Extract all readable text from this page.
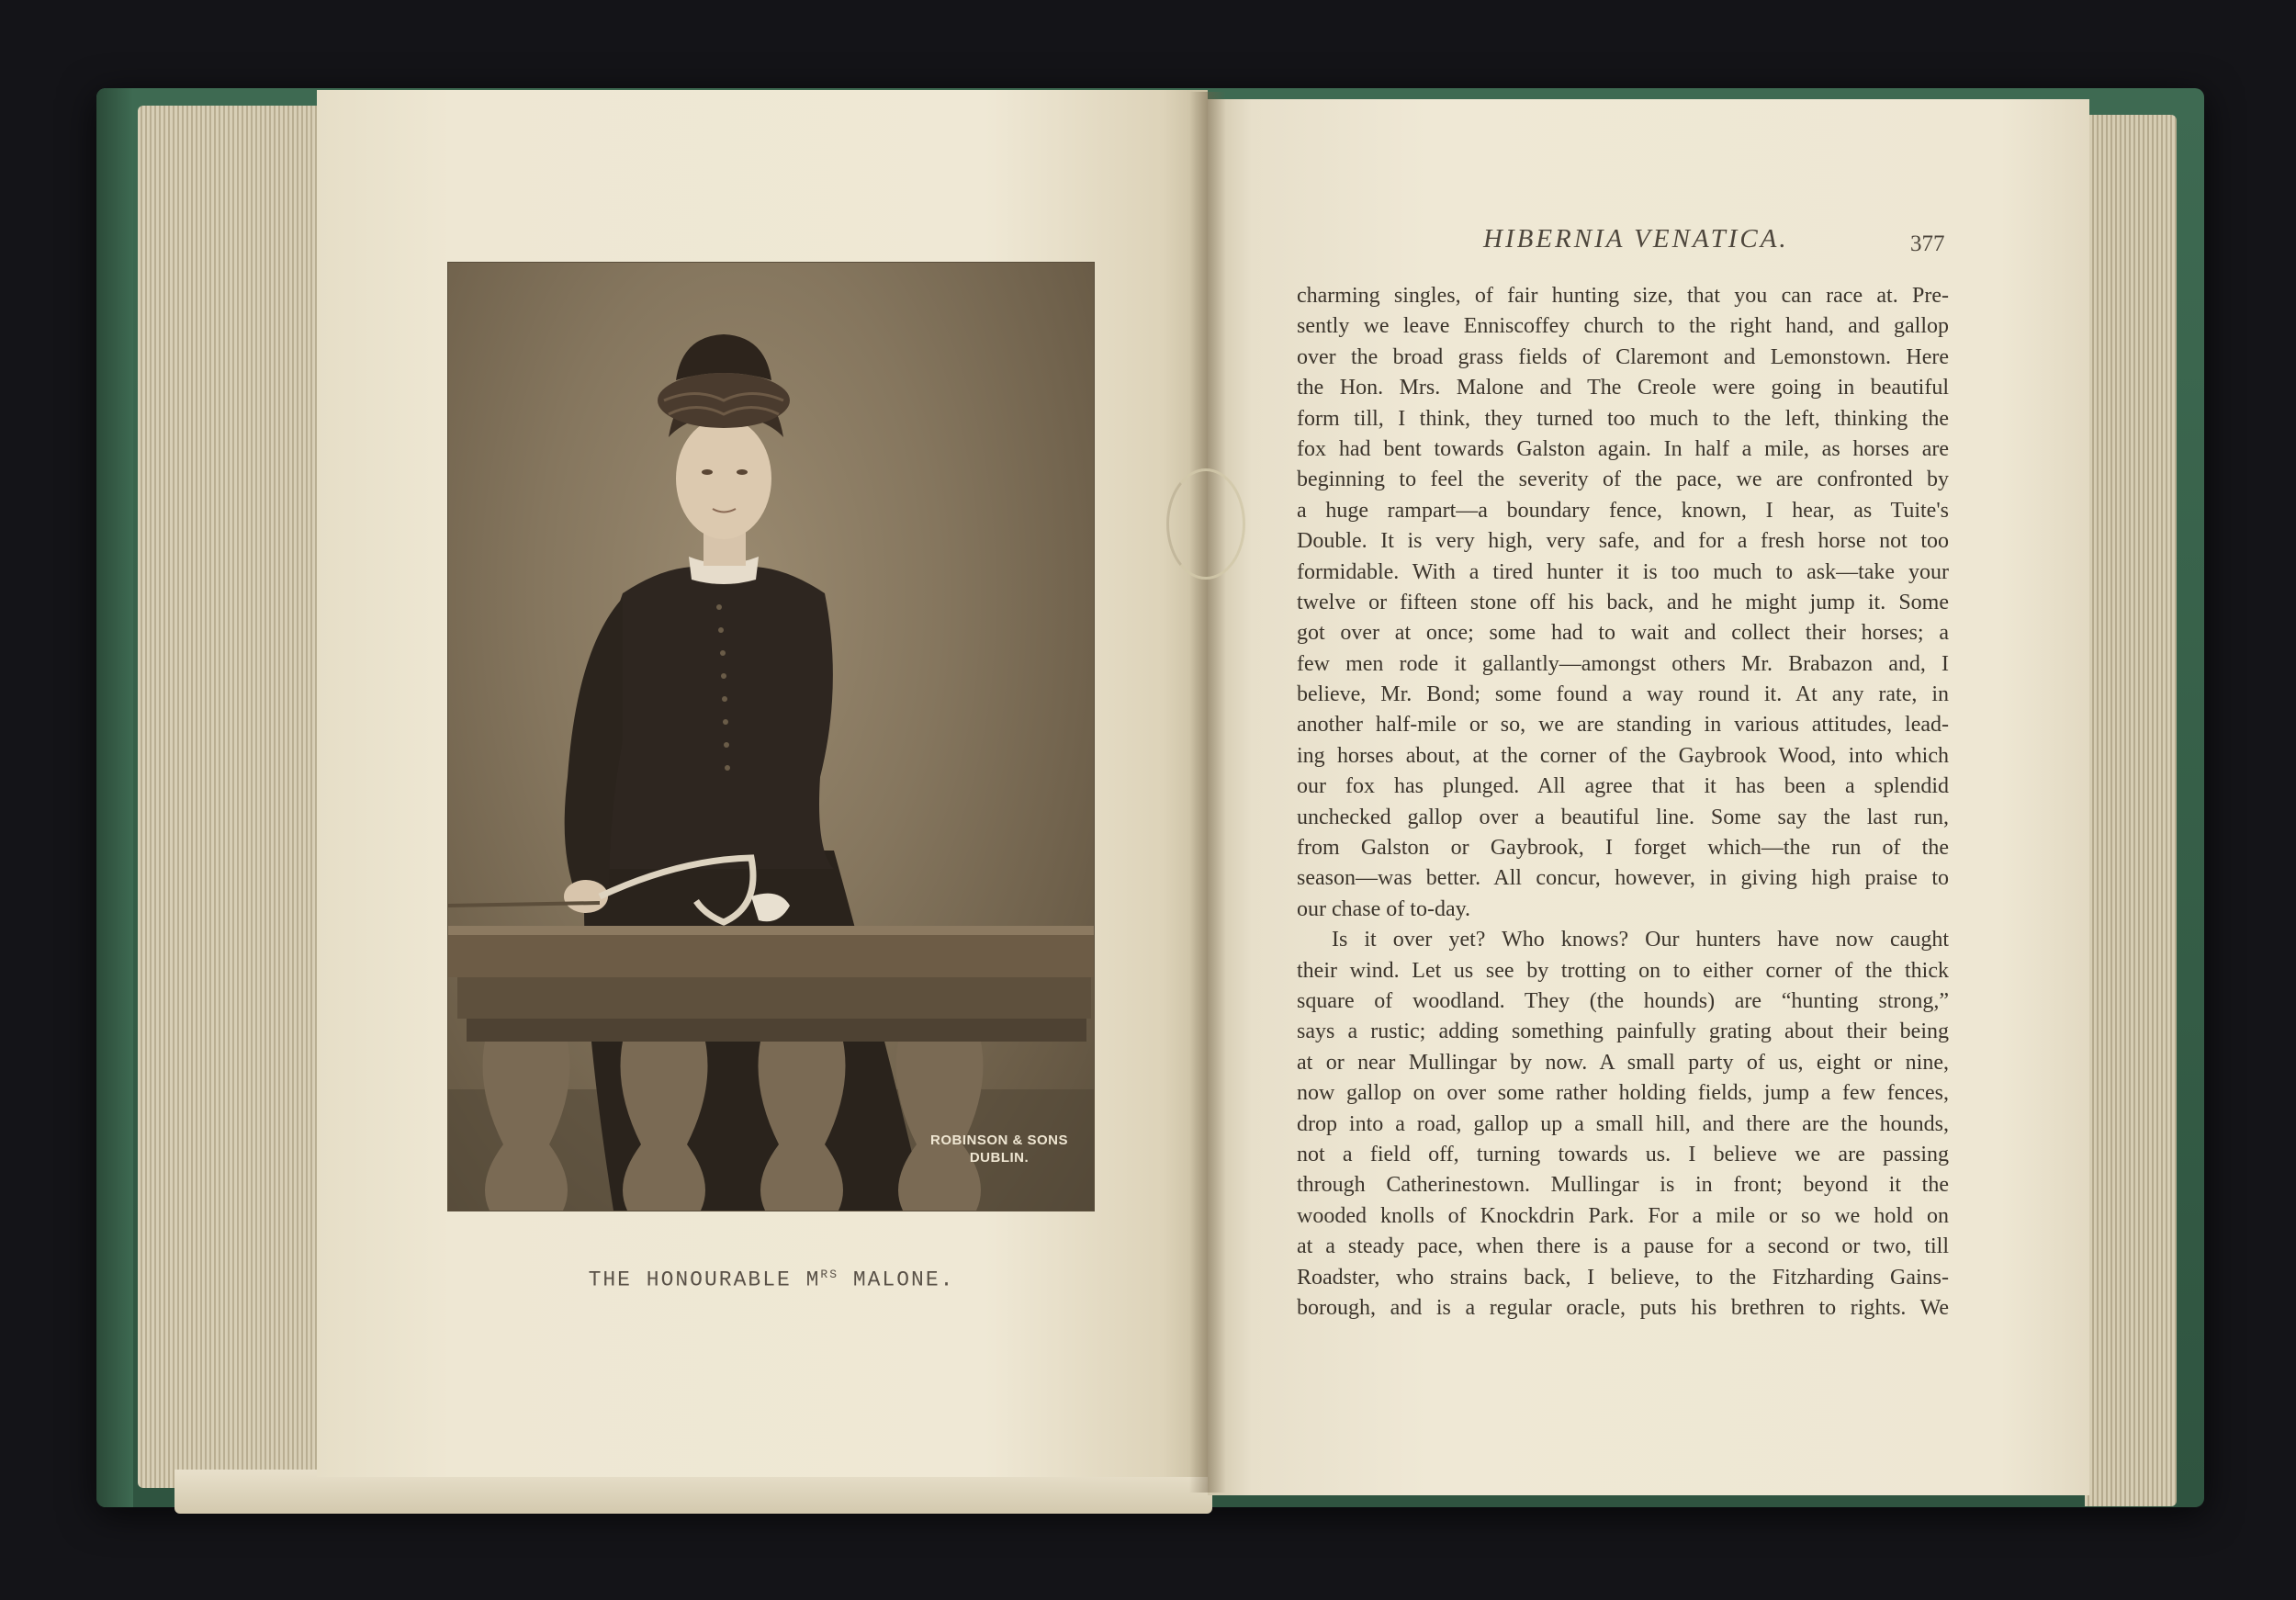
ROBINSON & SONS
DUBLIN.
THE HONOURABLE $M^{RS}$ MALONE.
HIBERNIA VENATICA.	377
charming singles, of fair hunting size, that you can race at. Pre-
sently we leave Enniscoffey church to the right hand, and gallop
over the broad grass fields of Claremont and Lemonstown. Here
the Hon. Mrs. Malone and The Creole were going in beautiful
form till, I think, they turned too much to the left, thinking the
fox had bent towards Galston again. In half a mile, as horses are
beginning to feel the severity of the pace, we are confronted by
a huge rampart—a boundary fence, known, I hear, as Tuite's
Double. It is very high, very safe, and for a fresh horse not too
formidable. With a tired hunter it is too much to ask—take your
twelve or fifteen stone off his back, and he might jump it. Some
got over at once; some had to wait and collect their horses; a
few men rode it gallantly—amongst others Mr. Brabazon and, I
believe, Mr. Bond; some found a way round it. At any rate, in
another half-mile or so, we are standing in various attitudes, lead-
ing horses about, at the corner of the Gaybrook Wood, into which
our fox has plunged. All agree that it has been a splendid
unchecked gallop over a beautiful line. Some say the last run,
from Galston or Gaybrook, I forget which—the run of the
season—was better. All concur, however, in giving high praise to
our chase of to-day.
Is it over yet? Who knows? Our hunters have now caught
their wind. Let us see by trotting on to either corner of the thick
square of woodland. They (the hounds) are “hunting strong,”
says a rustic; adding something painfully grating about their being
at or near Mullingar by now. A small party of us, eight or nine,
now gallop on over some rather holding fields, jump a few fences,
drop into a road, gallop up a small hill, and there are the hounds,
not a field off, turning towards us. I believe we are passing
through Catherinestown. Mullingar is in front; beyond it the
wooded knolls of Knockdrin Park. For a mile or so we hold on
at a steady pace, when there is a pause for a second or two, till
Roadster, who strains back, I believe, to the Fitzharding Gains-
borough, and is a regular oracle, puts his brethren to rights. We
